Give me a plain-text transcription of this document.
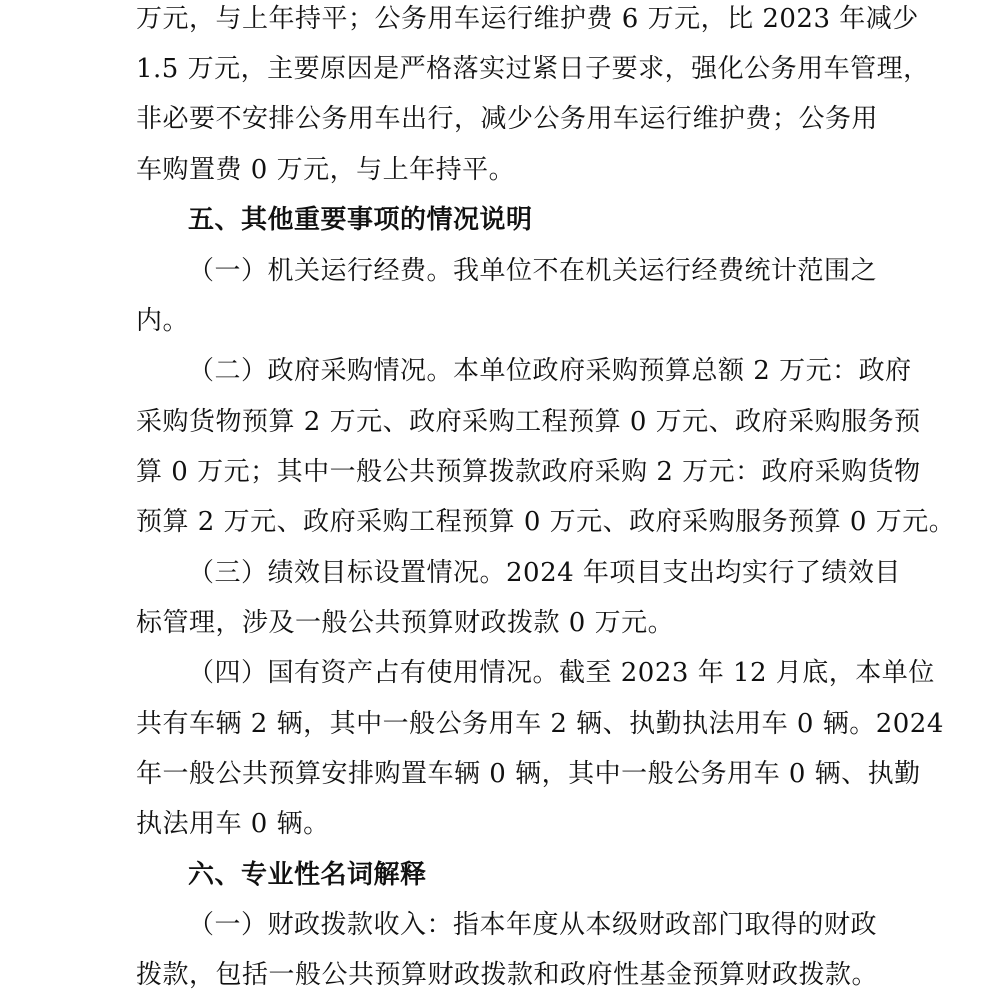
万元，与上年持平；公务用车运行维护费 6 万元，比 2023 年减少
1.5 万元，主要原因是严格落实过紧日子要求，强化公务用车管理，
非必要不安排公务用车出行，减少公务用车运行维护费；公务用
车购置费 0 万元，与上年持平。
五、其他重要事项的情况说明
（一）机关运行经费。我单位不在机关运行经费统计范围之
内。
（二）政府采购情况。本单位政府采购预算总额 2 万元：政府
采购货物预算 2 万元、政府采购工程预算 0 万元、政府采购服务预
算 0 万元；其中一般公共预算拨款政府采购 2 万元：政府采购货物
预算 2 万元、政府采购工程预算 0 万元、政府采购服务预算 0 万元。
（三）绩效目标设置情况。2024 年项目支出均实行了绩效目
标管理，涉及一般公共预算财政拨款 0 万元。
（四）国有资产占有使用情况。截至 2023 年 12 月底，本单位
共有车辆 2 辆，其中一般公务用车 2 辆、执勤执法用车 0 辆。2024
年一般公共预算安排购置车辆 0 辆，其中一般公务用车 0 辆、执勤
执法用车 0 辆。
六、专业性名词解释
（一）财政拨款收入：指本年度从本级财政部门取得的财政
拨款，包括一般公共预算财政拨款和政府性基金预算财政拨款。
